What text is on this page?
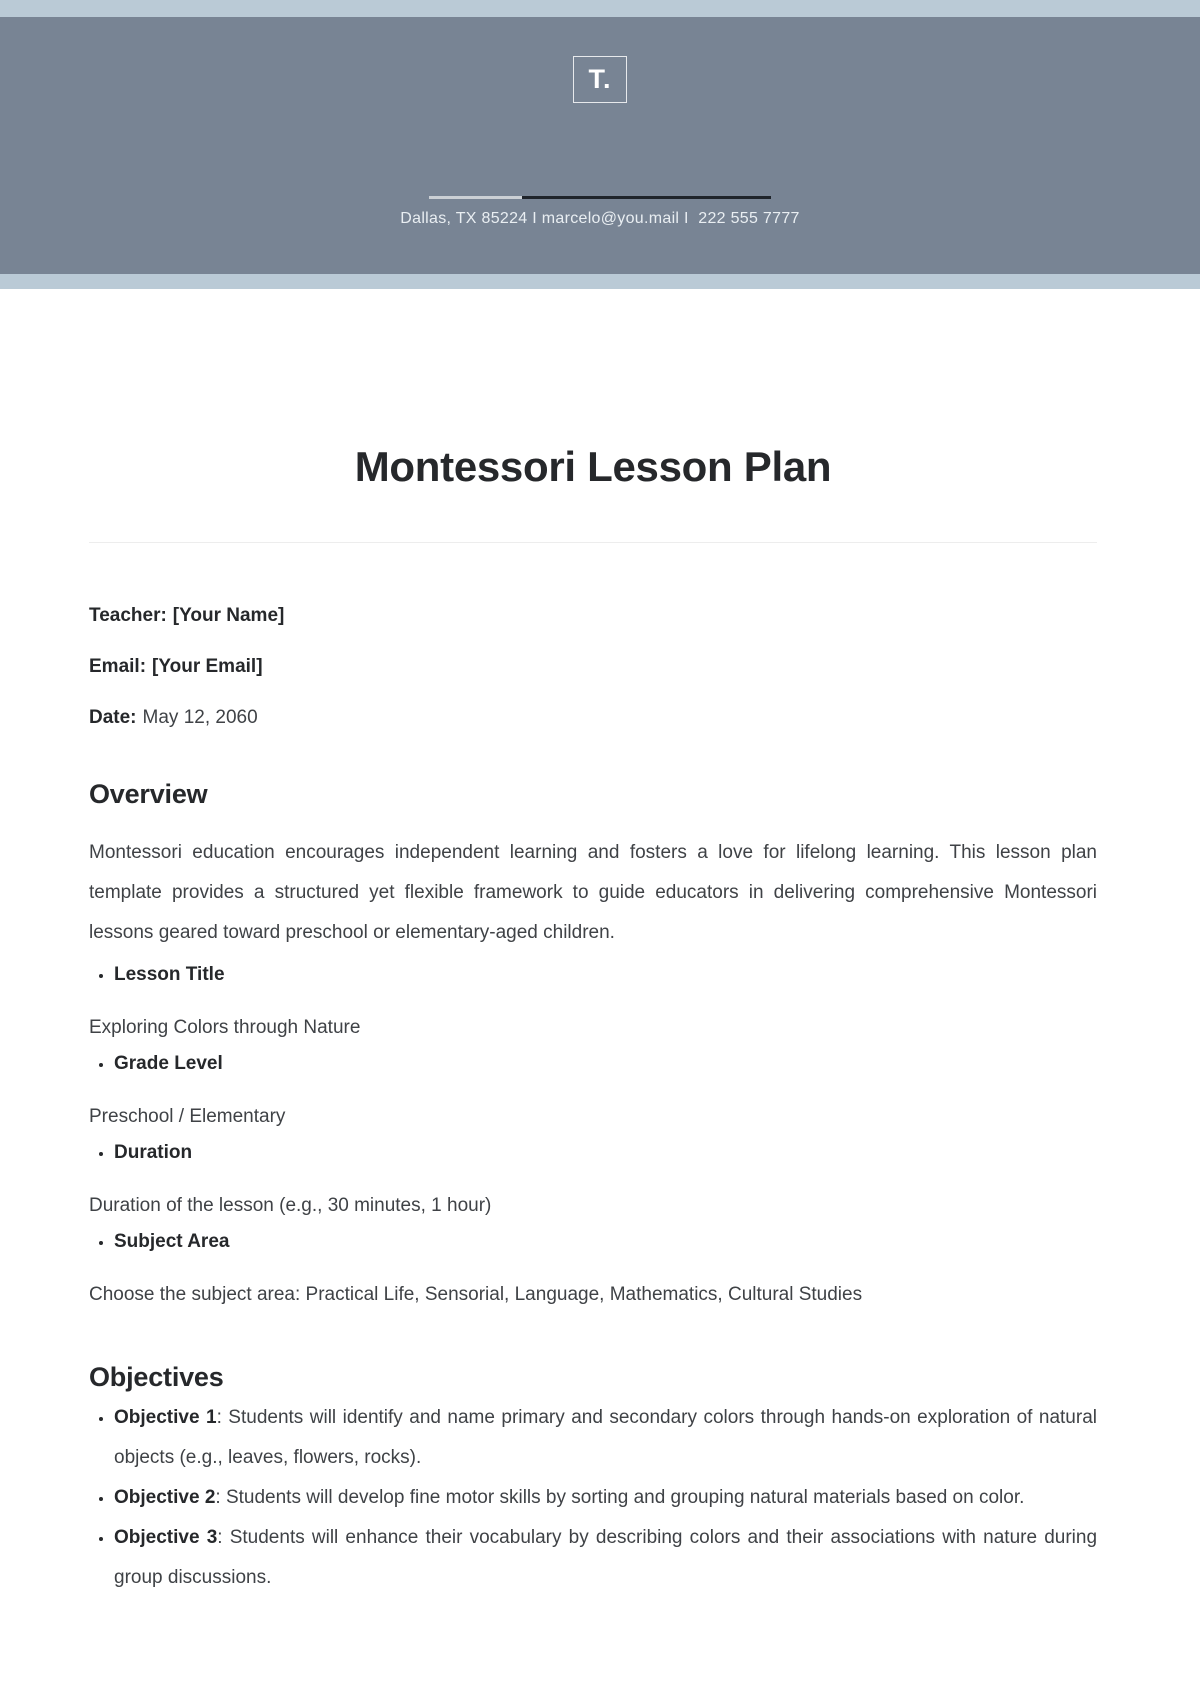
T.
Dallas, TX 85224 I marcelo@you.mail I  222 555 7777
Montessori Lesson Plan

Teacher: [Your Name]

Email: [Your Email]

Date: May 12, 2060

Overview

Montessori education encourages independent learning and fosters a love for lifelong learning. This lesson plan template provides a structured yet flexible framework to guide educators in delivering comprehensive Montessori lessons geared toward preschool or elementary-aged children.

• Lesson Title
Exploring Colors through Nature
• Grade Level
Preschool / Elementary
• Duration
Duration of the lesson (e.g., 30 minutes, 1 hour)
• Subject Area
Choose the subject area: Practical Life, Sensorial, Language, Mathematics, Cultural Studies
Objectives
• Objective 1: Students will identify and name primary and secondary colors through hands-on exploration of natural objects (e.g., leaves, flowers, rocks).
• Objective 2: Students will develop fine motor skills by sorting and grouping natural materials based on color.
• Objective 3: Students will enhance their vocabulary by describing colors and their associations with nature during group discussions.
